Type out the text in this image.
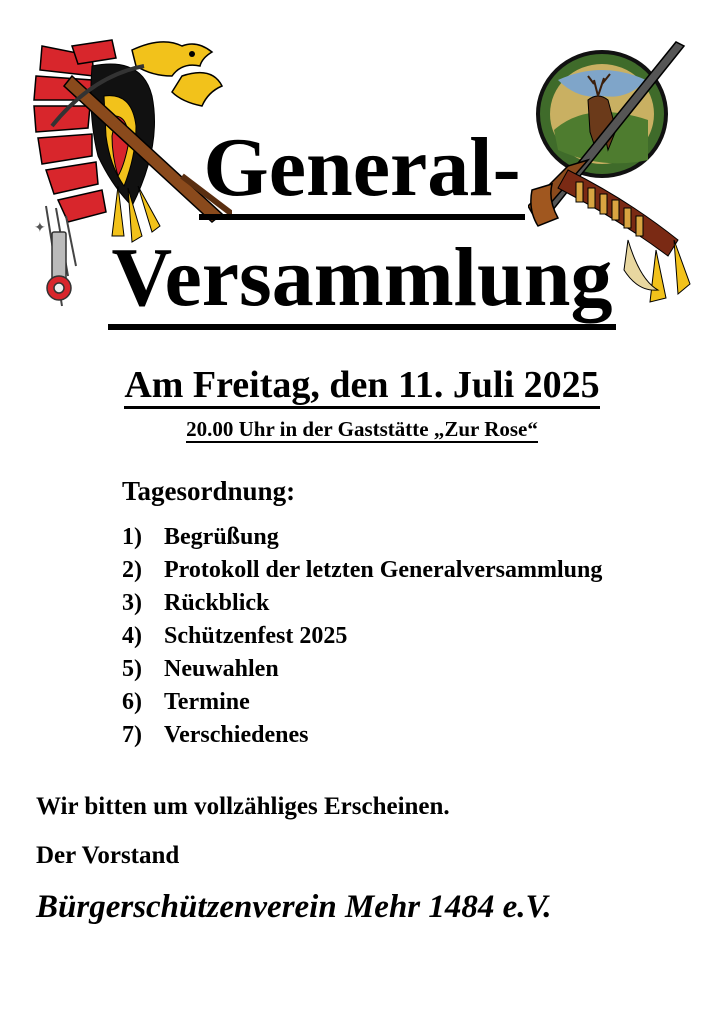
✦
General-
Versammlung
Am Freitag, den 11. Juli 2025
20.00 Uhr in der Gaststätte „Zur Rose“
Tagesordnung:
1) Begrüßung
2) Protokoll der letzten Generalversammlung
3) Rückblick
4) Schützenfest 2025
5) Neuwahlen
6) Termine
7) Verschiedenes
Wir bitten um vollzähliges Erscheinen.
Der Vorstand
Bürgerschützenverein Mehr 1484 e.V.
